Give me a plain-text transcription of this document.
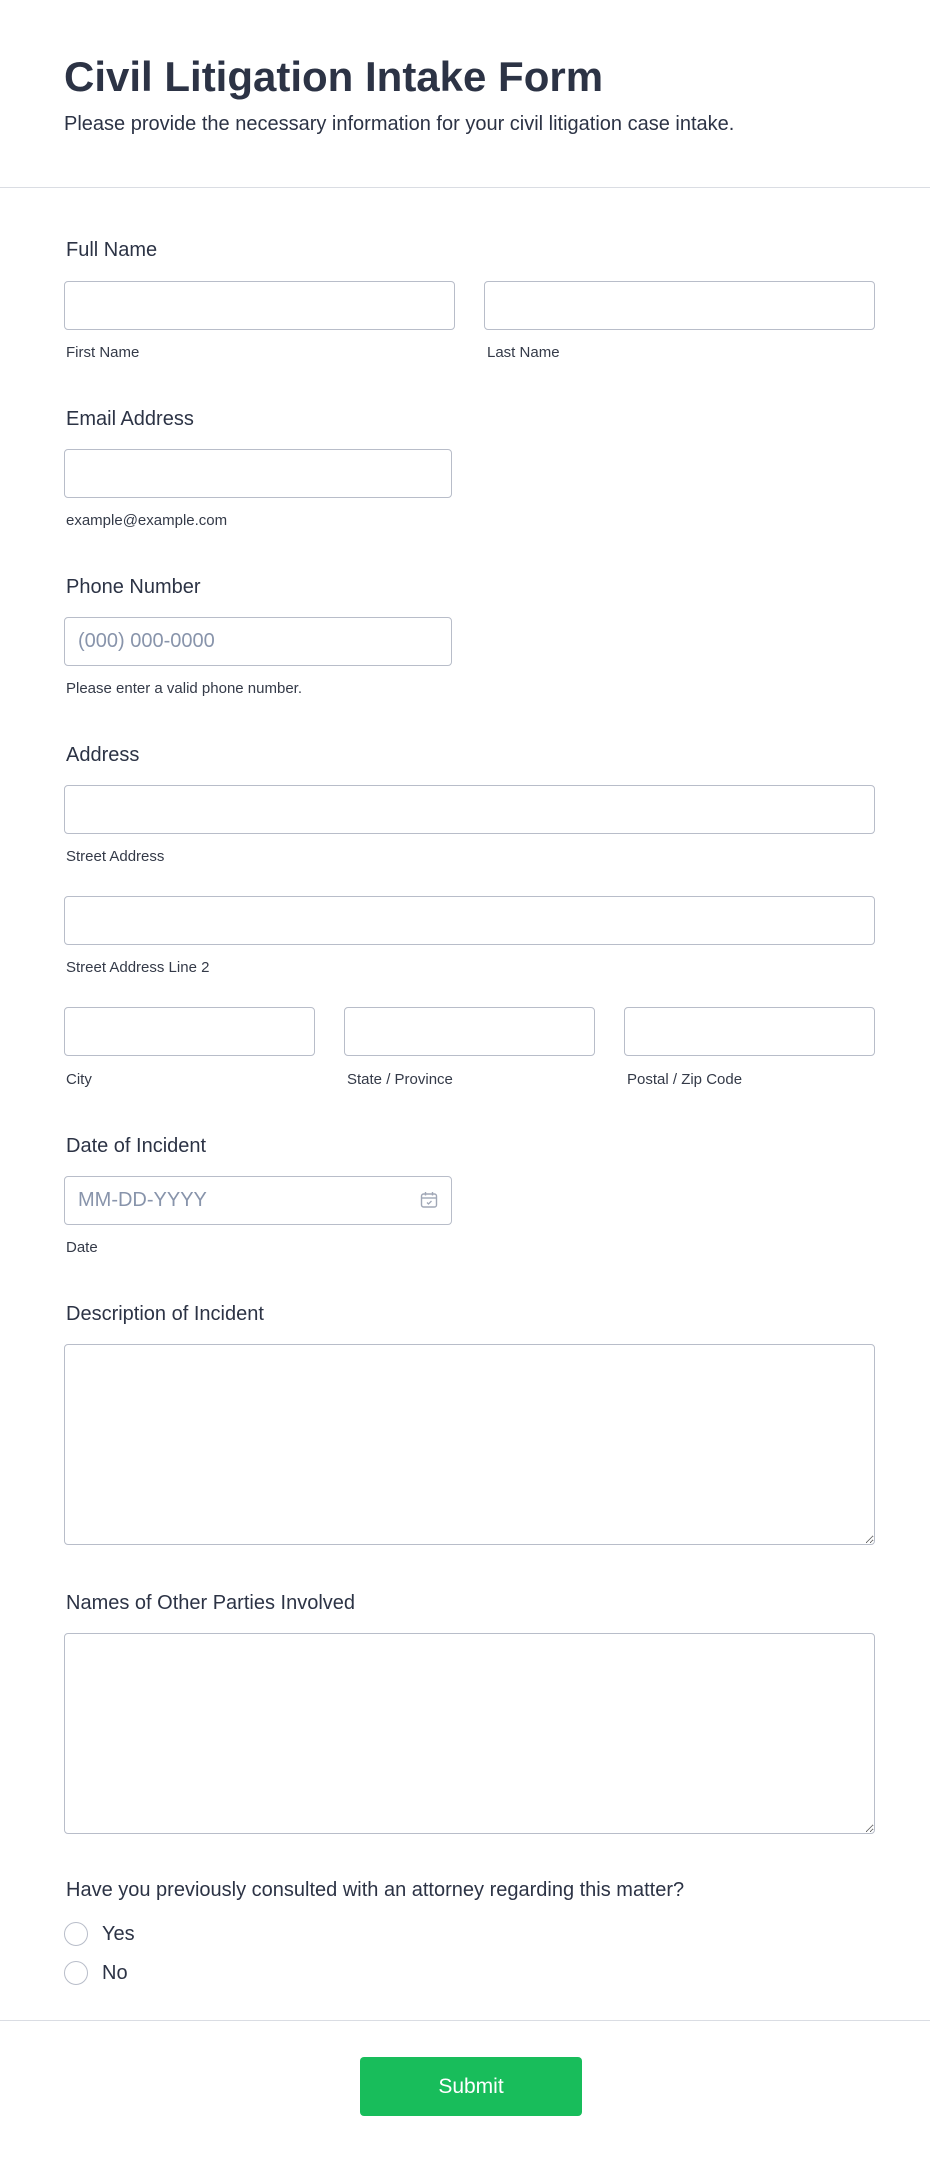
Civil Litigation Intake Form

Please provide the necessary information for your civil litigation case intake.

Full Name
First Name	Last Name
Email Address
example@example.com
Phone Number
(000) 000-0000
Please enter a valid phone number.
Address
Street Address
Street Address Line 2
City	State / Province	Postal / Zip Code
Date of Incident
MM-DD-YYYY
Date
Description of Incident
Names of Other Parties Involved
Have you previously consulted with an attorney regarding this matter?
Yes
No
Submit
